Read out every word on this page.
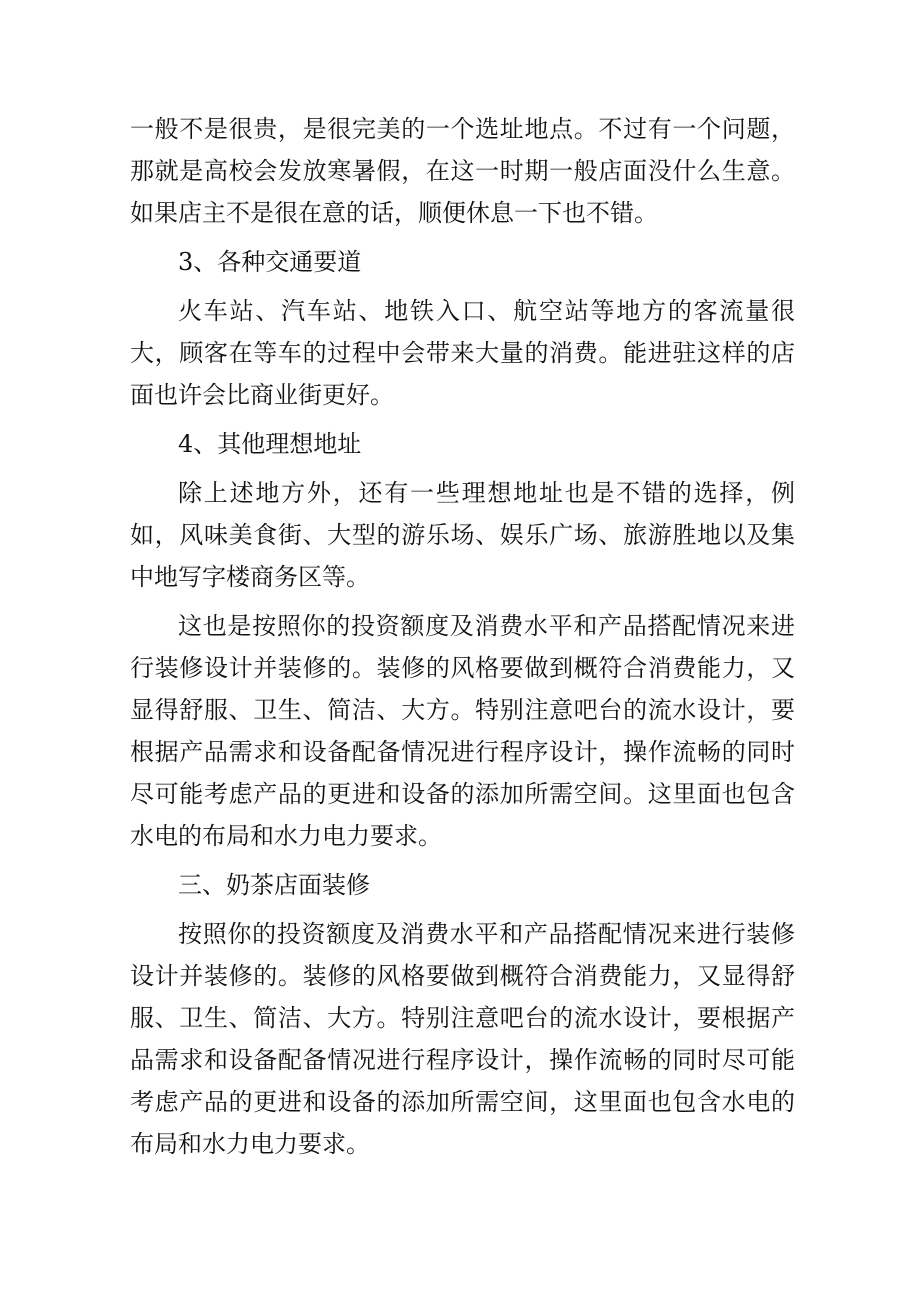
一般不是很贵，是很完美的一个选址地点。不过有一个问题，那就是高校会发放寒暑假，在这一时期一般店面没什么生意。如果店主不是很在意的话，顺便休息一下也不错。

3、各种交通要道

火车站、汽车站、地铁入口、航空站等地方的客流量很大，顾客在等车的过程中会带来大量的消费。能进驻这样的店面也许会比商业街更好。

4、其他理想地址

除上述地方外，还有一些理想地址也是不错的选择，例如，风味美食街、大型的游乐场、娱乐广场、旅游胜地以及集中地写字楼商务区等。

这也是按照你的投资额度及消费水平和产品搭配情况来进行装修设计并装修的。装修的风格要做到概符合消费能力，又显得舒服、卫生、简洁、大方。特别注意吧台的流水设计，要根据产品需求和设备配备情况进行程序设计，操作流畅的同时尽可能考虑产品的更进和设备的添加所需空间。这里面也包含水电的布局和水力电力要求。

三、奶茶店面装修

按照你的投资额度及消费水平和产品搭配情况来进行装修设计并装修的。装修的风格要做到概符合消费能力，又显得舒服、卫生、简洁、大方。特别注意吧台的流水设计，要根据产品需求和设备配备情况进行程序设计，操作流畅的同时尽可能考虑产品的更进和设备的添加所需空间，这里面也包含水电的布局和水力电力要求。
